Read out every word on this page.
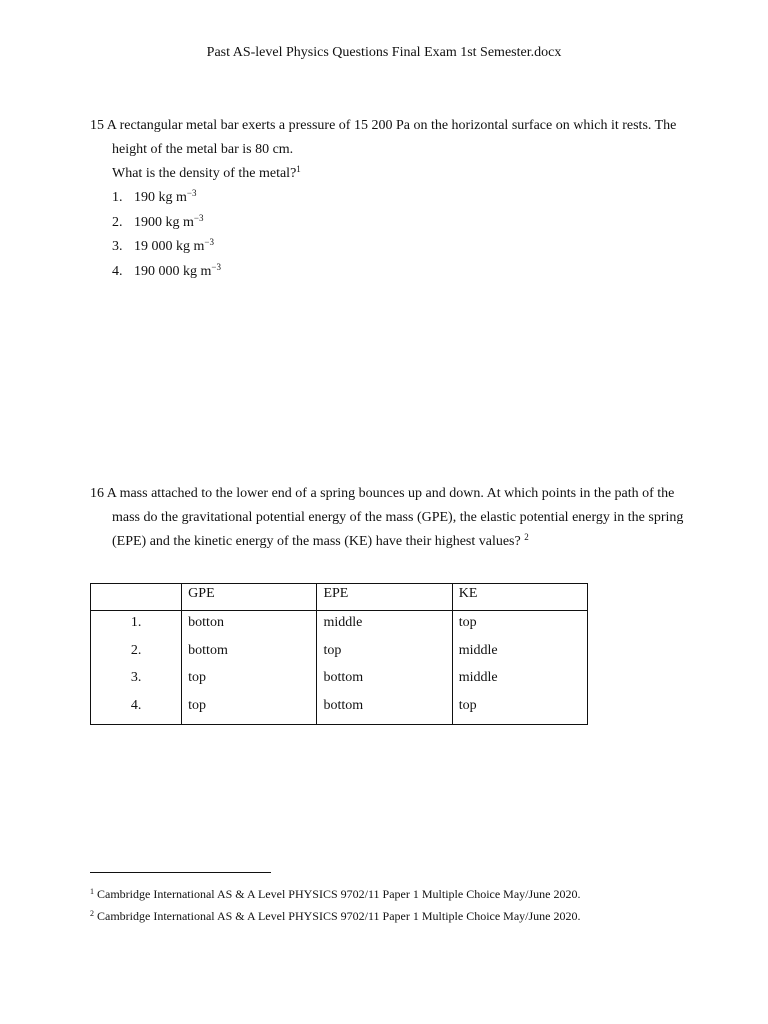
Past AS-level Physics Questions Final Exam 1st Semester.docx
15 A rectangular metal bar exerts a pressure of 15 200 Pa on the horizontal surface on which it rests. The
height of the metal bar is 80 cm.
What is the density of the metal?$^1$
1. 190 kg $m^{-3}$
2. 1900 kg $m^{-3}$
3. 19 000 kg $m^{-3}$
4. 190 000 kg $m^{-3}$
16 A mass attached to the lower end of a spring bounces up and down. At which points in the path of the
mass do the gravitational potential energy of the mass (GPE), the elastic potential energy in the spring
(EPE) and the kinetic energy of the mass (KE) have their highest values? $^2$
	GPE	EPE	KE
1.	botton	middle	top
2.	bottom	top	middle
3.	top	bottom	middle
4.	top	bottom	top
$^1$ Cambridge International AS & A Level PHYSICS 9702/11 Paper 1 Multiple Choice May/June 2020.
$^2$ Cambridge International AS & A Level PHYSICS 9702/11 Paper 1 Multiple Choice May/June 2020.
